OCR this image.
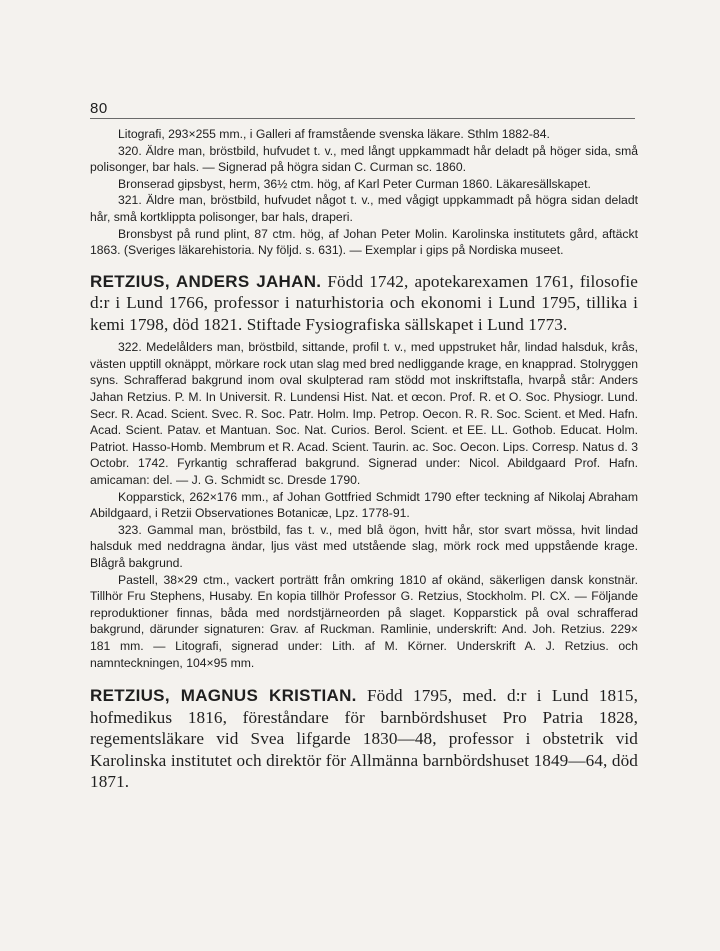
80

Litografi, 293×255 mm., i Galleri af framstående svenska läkare. Sthlm 1882-84.

320. Äldre man, bröstbild, hufvudet t. v., med långt uppkammadt hår deladt på höger sida, små polisonger, bar hals. — Signerad på högra sidan C. Curman sc. 1860.

Bronserad gipsbyst, herm, 36½ ctm. hög, af Karl Peter Curman 1860. Läkaresällskapet.

321. Äldre man, bröstbild, hufvudet något t. v., med vågigt uppkammadt på högra sidan deladt hår, små kortklippta polisonger, bar hals, draperi.

Bronsbyst på rund plint, 87 ctm. hög, af Johan Peter Molin. Karolinska institutets gård, aftäckt 1863. (Sveriges läkarehistoria. Ny följd. s. 631). — Exemplar i gips på Nordiska museet.

RETZIUS, ANDERS JAHAN. Född 1742, apotekarexamen 1761, filosofie d:r i Lund 1766, professor i naturhistoria och ekonomi i Lund 1795, tillika i kemi 1798, död 1821. Stiftade Fysiografiska sällskapet i Lund 1773.

322. Medelålders man, bröstbild, sittande, profil t. v., med uppstruket hår, lindad halsduk, krås, västen upptill oknäppt, mörkare rock utan slag med bred nedliggande krage, en knapprad. Stolryggen syns. Schrafferad bakgrund inom oval skulpterad ram stödd mot inskriftstafla, hvarpå står: Anders Jahan Retzius. P. M. In Universit. R. Lundensi Hist. Nat. et œcon. Prof. R. et O. Soc. Physiogr. Lund. Secr. R. Acad. Scient. Svec. R. Soc. Patr. Holm. Imp. Petrop. Oecon. R. R. Soc. Scient. et Med. Hafn. Acad. Scient. Patav. et Mantuan. Soc. Nat. Curios. Berol. Scient. et EE. LL. Gothob. Educat. Holm. Patriot. Hasso-Homb. Membrum et R. Acad. Scient. Taurin. ac. Soc. Oecon. Lips. Corresp. Natus d. 3 Octobr. 1742. Fyrkantig schrafferad bakgrund. Signerad under: Nicol. Abildgaard Prof. Hafn. amicaman: del. — J. G. Schmidt sc. Dresde 1790.

Kopparstick, 262×176 mm., af Johan Gottfried Schmidt 1790 efter teckning af Nikolaj Abraham Abildgaard, i Retzii Observationes Botanicæ, Lpz. 1778-91.

323. Gammal man, bröstbild, fas t. v., med blå ögon, hvitt hår, stor svart mössa, hvit lindad halsduk med neddragna ändar, ljus väst med utstående slag, mörk rock med uppstående krage. Blågrå bakgrund.

Pastell, 38×29 ctm., vackert porträtt från omkring 1810 af okänd, säkerligen dansk konstnär. Tillhör Fru Stephens, Husaby. En kopia tillhör Professor G. Retzius, Stockholm. Pl. CX. — Följande reproduktioner finnas, båda med nordstjärneorden på slaget. Kopparstick på oval schrafferad bakgrund, därunder signaturen: Grav. af Ruckman. Ramlinie, underskrift: And. Joh. Retzius. 229× 181 mm. — Litografi, signerad under: Lith. af M. Körner. Underskrift A. J. Retzius. och namnteckningen, 104×95 mm.

RETZIUS, MAGNUS KRISTIAN. Född 1795, med. d:r i Lund 1815, hofmedikus 1816, föreståndare för barnbördshuset Pro Patria 1828, regementsläkare vid Svea lifgarde 1830—48, professor i obstetrik vid Karolinska institutet och direktör för Allmänna barnbördshuset 1849—64, död 1871.
